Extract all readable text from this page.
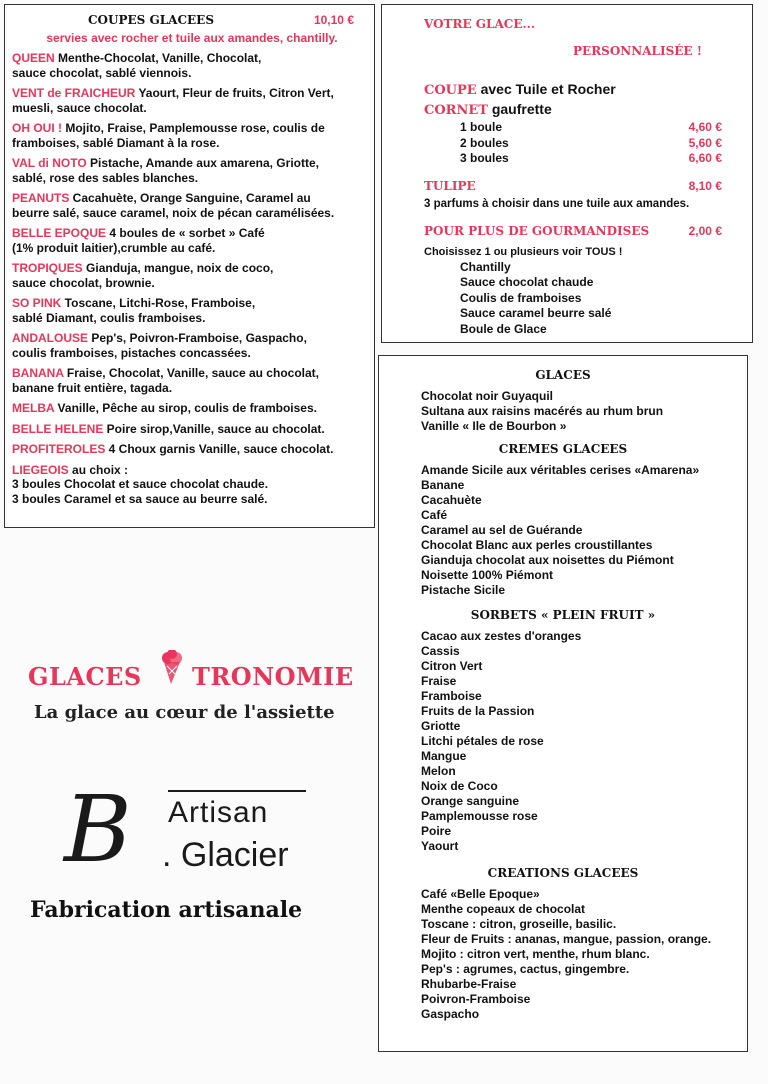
COUPES GLACEES	10,10 €
servies avec rocher et tuile aux amandes, chantilly.
QUEEN Menthe-Chocolat, Vanille, Chocolat,
sauce chocolat, sablé viennois.
VENT de FRAICHEUR Yaourt, Fleur de fruits, Citron Vert,
muesli, sauce chocolat.
OH OUI ! Mojito, Fraise, Pamplemousse rose, coulis de
framboises, sablé Diamant à la rose.
VAL di NOTO Pistache, Amande aux amarena, Griotte,
sablé, rose des sables blanches.
PEANUTS Cacahuète, Orange Sanguine, Caramel au
beurre salé, sauce caramel, noix de pécan caramélisées.
BELLE EPOQUE 4 boules de « sorbet » Café
(1% produit laitier),crumble au café.
TROPIQUES Gianduja, mangue, noix de coco,
sauce chocolat, brownie.
SO PINK Toscane, Litchi-Rose, Framboise,
sablé Diamant, coulis framboises.
ANDALOUSE Pep's, Poivron-Framboise, Gaspacho,
coulis framboises, pistaches concassées.
BANANA Fraise, Chocolat, Vanille, sauce au chocolat,
banane fruit entière, tagada.
MELBA Vanille, Pêche au sirop, coulis de framboises.
BELLE HELENE Poire sirop,Vanille, sauce au chocolat.
PROFITEROLES 4 Choux garnis Vanille, sauce chocolat.
LIEGEOIS au choix :
3 boules Chocolat et sauce chocolat chaude.
3 boules Caramel et sa sauce au beurre salé.
VOTRE GLACE...
PERSONNALISÉE !
COUPE avec Tuile et Rocher
CORNET gaufrette
1 boule	4,60 €
2 boules	5,60 €
3 boules	6,60 €
TULIPE	8,10 €
3 parfums à choisir dans une tuile aux amandes.
POUR PLUS DE GOURMANDISES	2,00 €
Choisissez 1 ou plusieurs voir TOUS !
Chantilly
Sauce chocolat chaude
Coulis de framboises
Sauce caramel beurre salé
Boule de Glace
GLACES
Chocolat noir Guyaquil
Sultana aux raisins macérés au rhum brun
Vanille « Ile de Bourbon »
CREMES GLACEES
Amande Sicile aux véritables cerises «Amarena»
Banane
Cacahuète
Café
Caramel au sel de Guérande
Chocolat Blanc aux perles croustillantes
Gianduja chocolat aux noisettes du Piémont
Noisette 100% Piémont
Pistache Sicile
SORBETS « PLEIN FRUIT »
Cacao aux zestes d'oranges
Cassis
Citron Vert
Fraise
Framboise
Fruits de la Passion
Griotte
Litchi pétales de rose
Mangue
Melon
Noix de Coco
Orange sanguine
Pamplemousse rose
Poire
Yaourt
CREATIONS GLACEES
Café «Belle Epoque»
Menthe copeaux de chocolat
Toscane : citron, groseille, basilic.
Fleur de Fruits : ananas, mangue, passion, orange.
Mojito : citron vert, menthe, rhum blanc.
Pep's : agrumes, cactus, gingembre.
Rhubarbe-Fraise
Poivron-Framboise
Gaspacho
GLACES TRONOMIE
La glace au cœur de l'assiette
B Artisan
. Glacier
Fabrication artisanale
